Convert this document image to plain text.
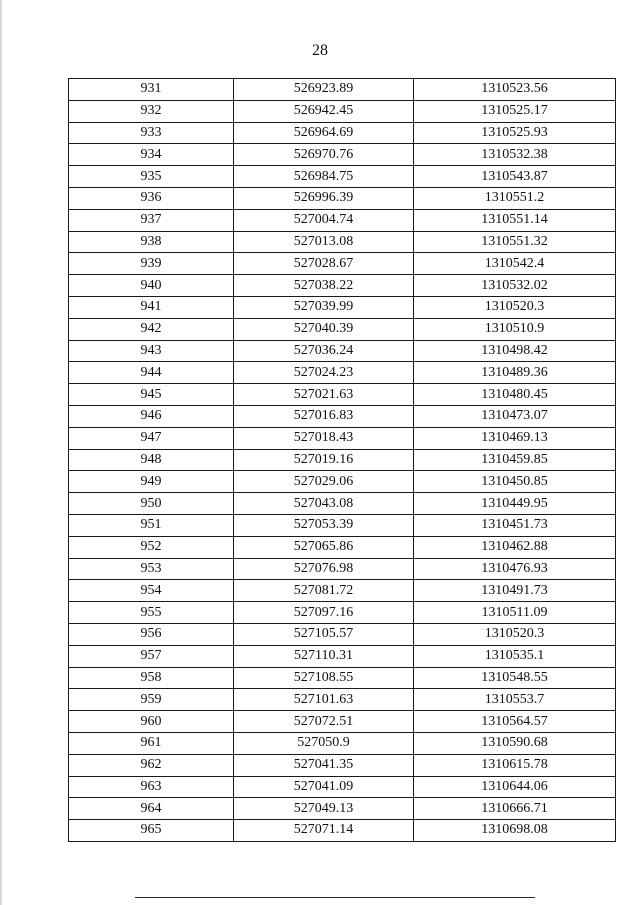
28
931	526923.89	1310523.56
932	526942.45	1310525.17
933	526964.69	1310525.93
934	526970.76	1310532.38
935	526984.75	1310543.87
936	526996.39	1310551.2
937	527004.74	1310551.14
938	527013.08	1310551.32
939	527028.67	1310542.4
940	527038.22	1310532.02
941	527039.99	1310520.3
942	527040.39	1310510.9
943	527036.24	1310498.42
944	527024.23	1310489.36
945	527021.63	1310480.45
946	527016.83	1310473.07
947	527018.43	1310469.13
948	527019.16	1310459.85
949	527029.06	1310450.85
950	527043.08	1310449.95
951	527053.39	1310451.73
952	527065.86	1310462.88
953	527076.98	1310476.93
954	527081.72	1310491.73
955	527097.16	1310511.09
956	527105.57	1310520.3
957	527110.31	1310535.1
958	527108.55	1310548.55
959	527101.63	1310553.7
960	527072.51	1310564.57
961	527050.9	1310590.68
962	527041.35	1310615.78
963	527041.09	1310644.06
964	527049.13	1310666.71
965	527071.14	1310698.08
